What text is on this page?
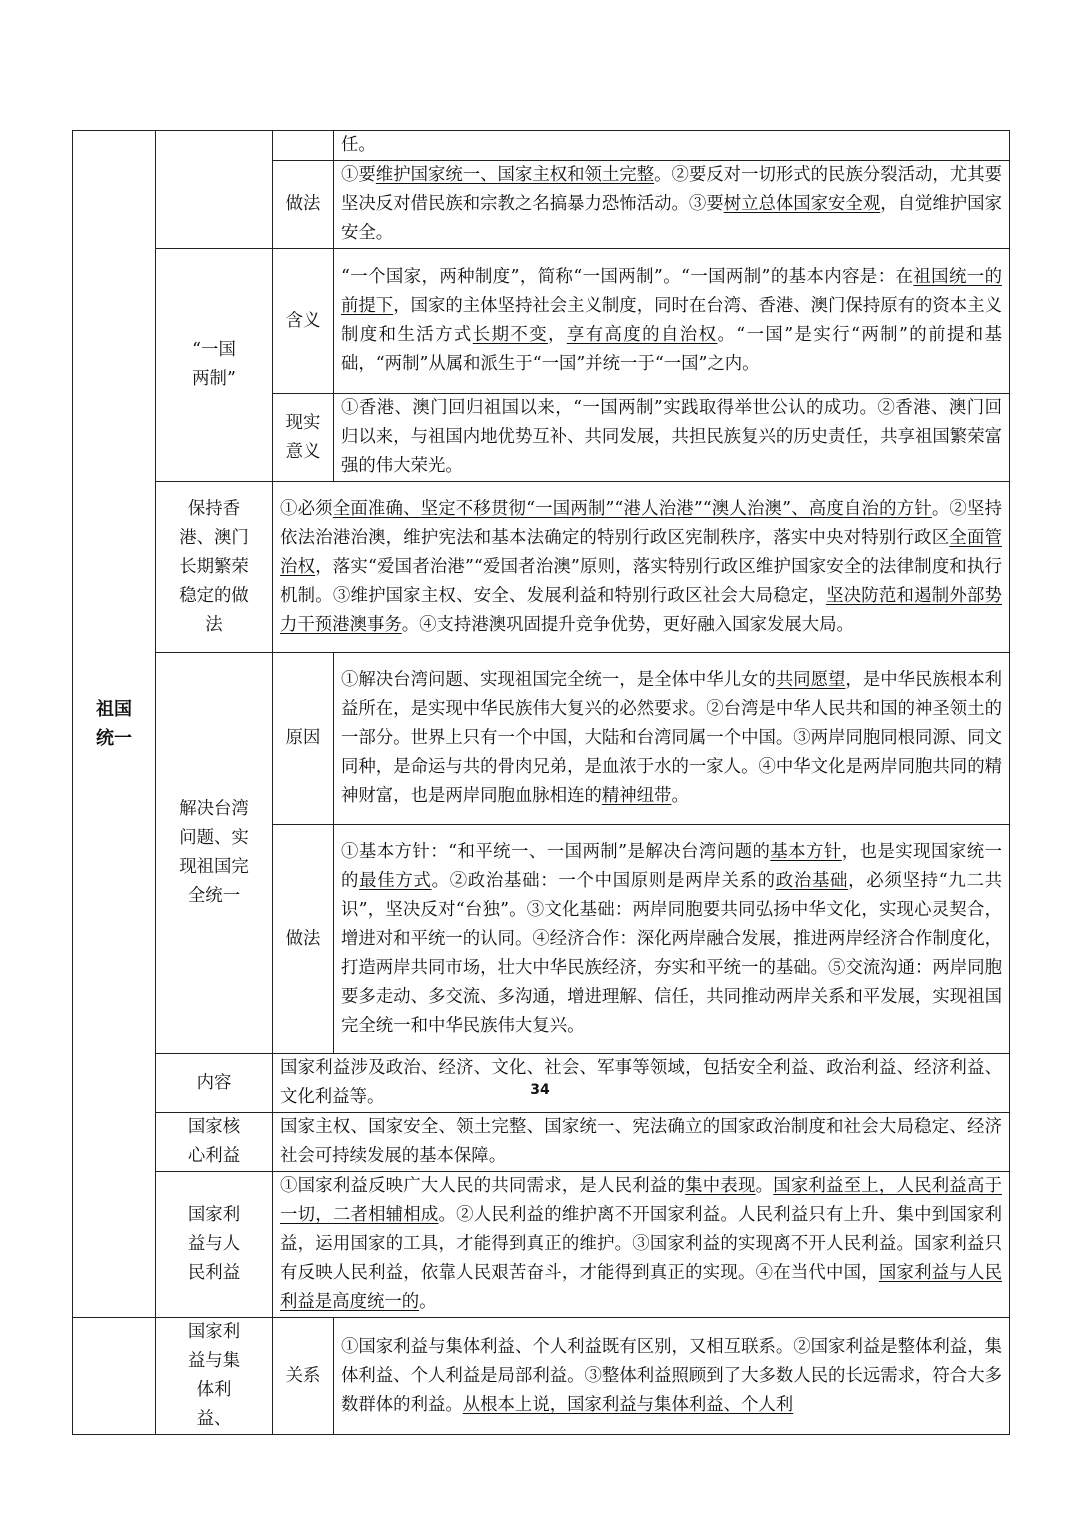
祖国统一			任。
		做法	①要维护国家统一、国家主权和领土完整。②要反对一切形式的民族分裂活动，尤其要坚决反对借民族和宗教之名搞暴力恐怖活动。③要树立总体国家安全观，自觉维护国家安全。

	“一国两制”	含义	“一个国家，两种制度”，简称“一国两制”。“一国两制”的基本内容是：在祖国统一的前提下，国家的主体坚持社会主义制度，同时在台湾、香港、澳门保持原有的资本主义制度和生活方式长期不变，享有高度的自治权。“一国”是实行“两制”的前提和基础，“两制”从属和派生于“一国”并统一于“一国”之内。

		现实意义	①香港、澳门回归祖国以来，“一国两制”实践取得举世公认的成功。②香港、澳门回归以来，与祖国内地优势互补、共同发展，共担民族复兴的历史责任，共享祖国繁荣富强的伟大荣光。

	保持香港、澳门长期繁荣稳定的做法	①必须全面准确、坚定不移贯彻“一国两制”“港人治港”“澳人治澳”、高度自治的方针。②坚持依法治港治澳，维护宪法和基本法确定的特别行政区宪制秩序，落实中央对特别行政区全面管治权，落实“爱国者治港”“爱国者治澳”原则，落实特别行政区维护国家安全的法律制度和执行机制。③维护国家主权、安全、发展利益和特别行政区社会大局稳定，坚决防范和遏制外部势力干预港澳事务。④支持港澳巩固提升竞争优势，更好融入国家发展大局。	

	解决台湾问题、实现祖国完全统一	原因	①解决台湾问题、实现祖国完全统一，是全体中华儿女的共同愿望，是中华民族根本利益所在，是实现中华民族伟大复兴的必然要求。②台湾是中华人民共和国的神圣领土的一部分。世界上只有一个中国，大陆和台湾同属一个中国。③两岸同胞同根同源、同文同种，是命运与共的骨肉兄弟，是血浓于水的一家人。④中华文化是两岸同胞共同的精神财富，也是两岸同胞血脉相连的精神纽带。
		做法	①基本方针：“和平统一、一国两制”是解决台湾问题的基本方针，也是实现国家统一的最佳方式。②政治基础：一个中国原则是两岸关系的政治基础，必须坚持“九二共识”，坚决反对“台独”。③文化基础：两岸同胞要共同弘扬中华文化，实现心灵契合，增进对和平统一的认同。④经济合作：深化两岸融合发展，推进两岸经济合作制度化，打造两岸共同市场，壮大中华民族经济，夯实和平统一的基础。⑤交流沟通：两岸同胞要多走动、多交流、多沟通，增进理解、信任，共同推动两岸关系和平发展，实现祖国完全统一和中华民族伟大复兴。
	内容	国家利益涉及政治、经济、文化、社会、军事等领域，包括安全利益、政治利益、经济利益、文化利益等。	

	国家核心利益	国家主权、国家安全、领土完整、国家统一、宪法确立的国家政治制度和社会大局稳定、经济社会可持续发展的基本保障。	

	国家利益与人民利益	①国家利益反映广大人民的共同需求，是人民利益的集中表现。国家利益至上，人民利益高于一切，二者相辅相成。②人民利益的维护离不开国家利益。人民利益只有上升、集中到国家利益，运用国家的工具，才能得到真正的维护。③国家利益的实现离不开人民利益。国家利益只有反映人民利益，依靠人民艰苦奋斗，才能得到真正的实现。④在当代中国，国家利益与人民利益是高度统一的。	

	国家利益与集体利益、	关系	①国家利益与集体利益、个人利益既有区别，又相互联系。②国家利益是整体利益，集体利益、个人利益是局部利益。③整体利益照顾到了大多数人民的长远需求，符合大多数群体的利益。从根本上说，国家利益与集体利益、个人利
34
